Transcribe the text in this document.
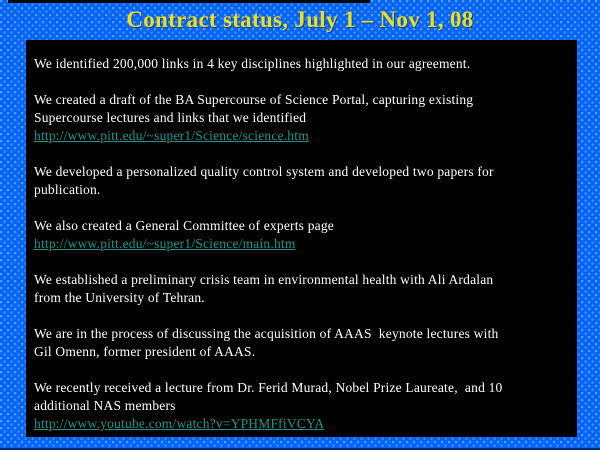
Contract status, July 1 – Nov 1, 08

We identified 200,000 links in 4 key disciplines highlighted in our agreement.

We created a draft of the BA Supercourse of Science Portal, capturing existing
Supercourse lectures and links that we identified
http://www.pitt.edu/~super1/Science/science.htm

We developed a personalized quality control system and developed two papers for
publication.

We also created a General Committee of experts page
http://www.pitt.edu/~super1/Science/main.htm

We established a preliminary crisis team in environmental health with Ali Ardalan
from the University of Tehran.

We are in the process of discussing the acquisition of AAAS  keynote lectures with
Gil Omenn, former president of AAAS.

We recently received a lecture from Dr. Ferid Murad, Nobel Prize Laureate,  and 10
additional NAS members
http://www.youtube.com/watch?v=YPHMFfiVCYA
